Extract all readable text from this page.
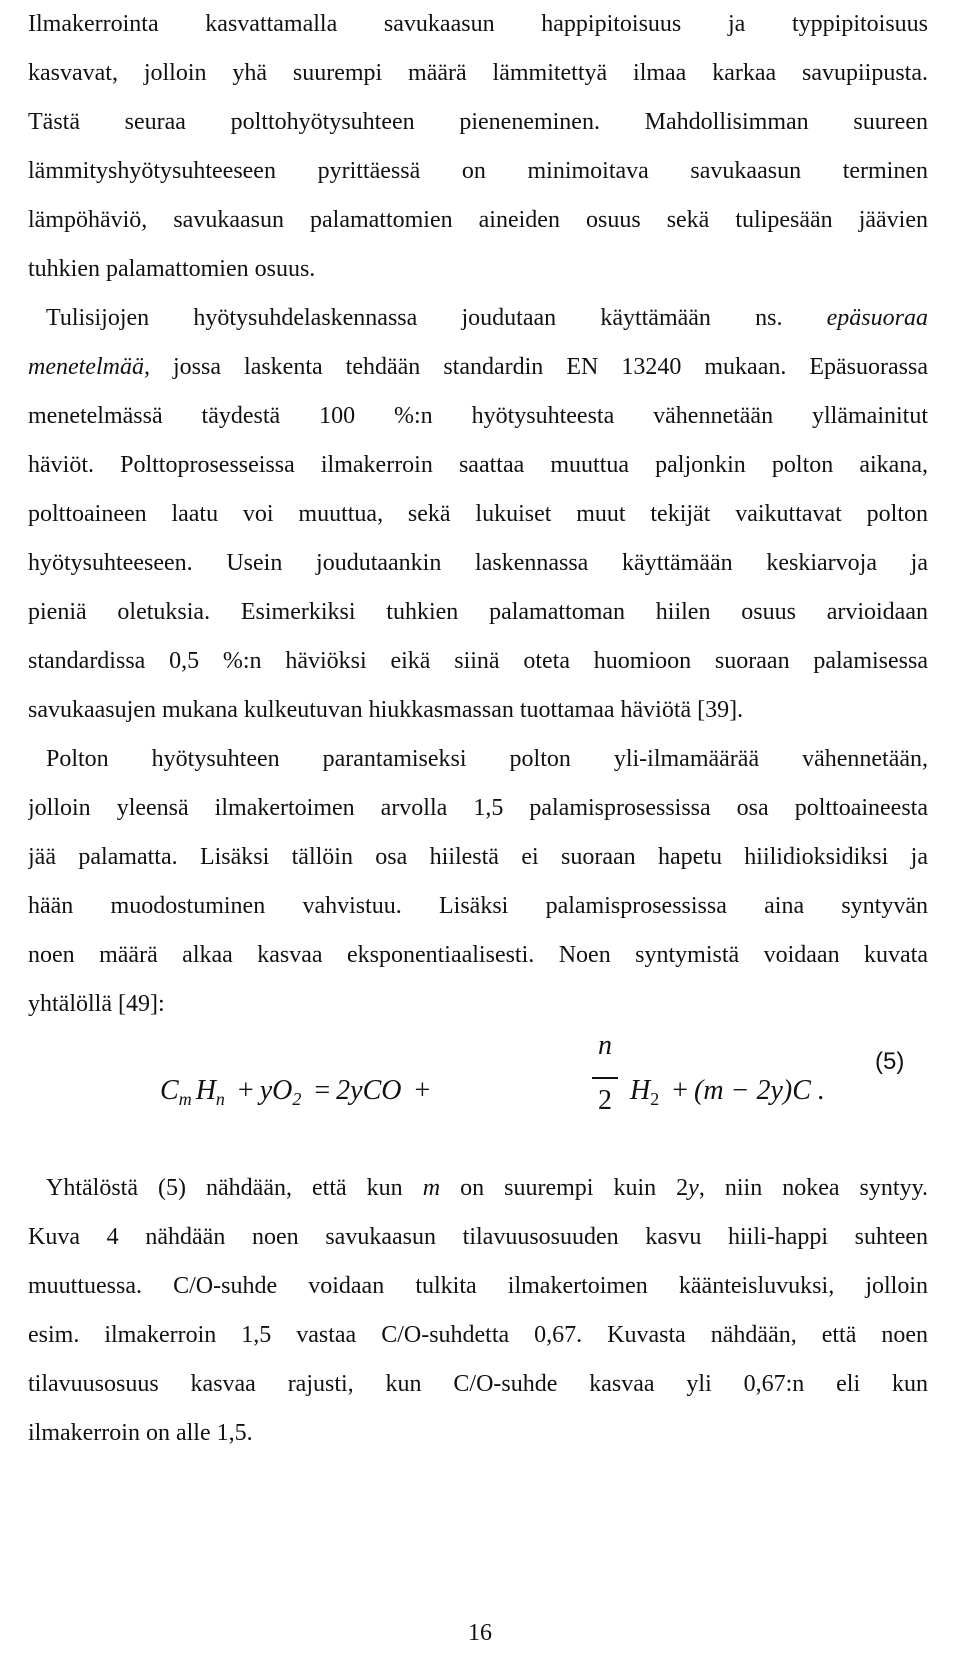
Ilmakerrointa kasvattamalla savukaasun happipitoisuus ja typpipitoisuus
kasvavat, jolloin yhä suurempi määrä lämmitettyä ilmaa karkaa savupiipusta.
Tästä seuraa polttohyötysuhteen pieneneminen. Mahdollisimman suureen
lämmityshyötysuhteeseen pyrittäessä on minimoitava savukaasun terminen
lämpöhäviö, savukaasun palamattomien aineiden osuus sekä tulipesään jäävien
tuhkien palamattomien osuus.
Tulisijojen hyötysuhdelaskennassa joudutaan käyttämään ns. epäsuoraa
menetelmää, jossa laskenta tehdään standardin EN 13240 mukaan. Epäsuorassa
menetelmässä täydestä 100 %:n hyötysuhteesta vähennetään yllämainitut
häviöt. Polttoprosesseissa ilmakerroin saattaa muuttua paljonkin polton aikana,
polttoaineen laatu voi muuttua, sekä lukuiset muut tekijät vaikuttavat polton
hyötysuhteeseen. Usein joudutaankin laskennassa käyttämään keskiarvoja ja
pieniä oletuksia. Esimerkiksi tuhkien palamattoman hiilen osuus arvioidaan
standardissa 0,5 %:n häviöksi eikä siinä oteta huomioon suoraan palamisessa
savukaasujen mukana kulkeutuvan hiukkasmassan tuottamaa häviötä [39].
Polton hyötysuhteen parantamiseksi polton yli-ilmamäärää vähennetään,
jolloin yleensä ilmakertoimen arvolla 1,5 palamisprosessissa osa polttoaineesta
jää palamatta. Lisäksi tällöin osa hiilestä ei suoraan hapetu hiilidioksidiksi ja
hään muodostuminen vahvistuu. Lisäksi palamisprosessissa aina syntyvän
noen määrä alkaa kasvaa eksponentiaalisesti. Noen syntymistä voidaan kuvata
yhtälöllä [49]:
Yhtälöstä (5) nähdään, että kun m on suurempi kuin 2y, niin nokea syntyy.
Kuva 4 nähdään noen savukaasun tilavuusosuuden kasvu hiili-happi suhteen
muuttuessa. C/O-suhde voidaan tulkita ilmakertoimen käänteisluvuksi, jolloin
esim. ilmakerroin 1,5 vastaa C/O-suhdetta 0,67. Kuvasta nähdään, että noen
tilavuusosuus kasvaa rajusti, kun C/O-suhde kasvaa yli 0,67:n eli kun
ilmakerroin on alle 1,5.
$C_m$ $H_n + yO_2 = 2yCO$ +
n
2 $H_2 + (m - 2y)C$ .
(5)
16
